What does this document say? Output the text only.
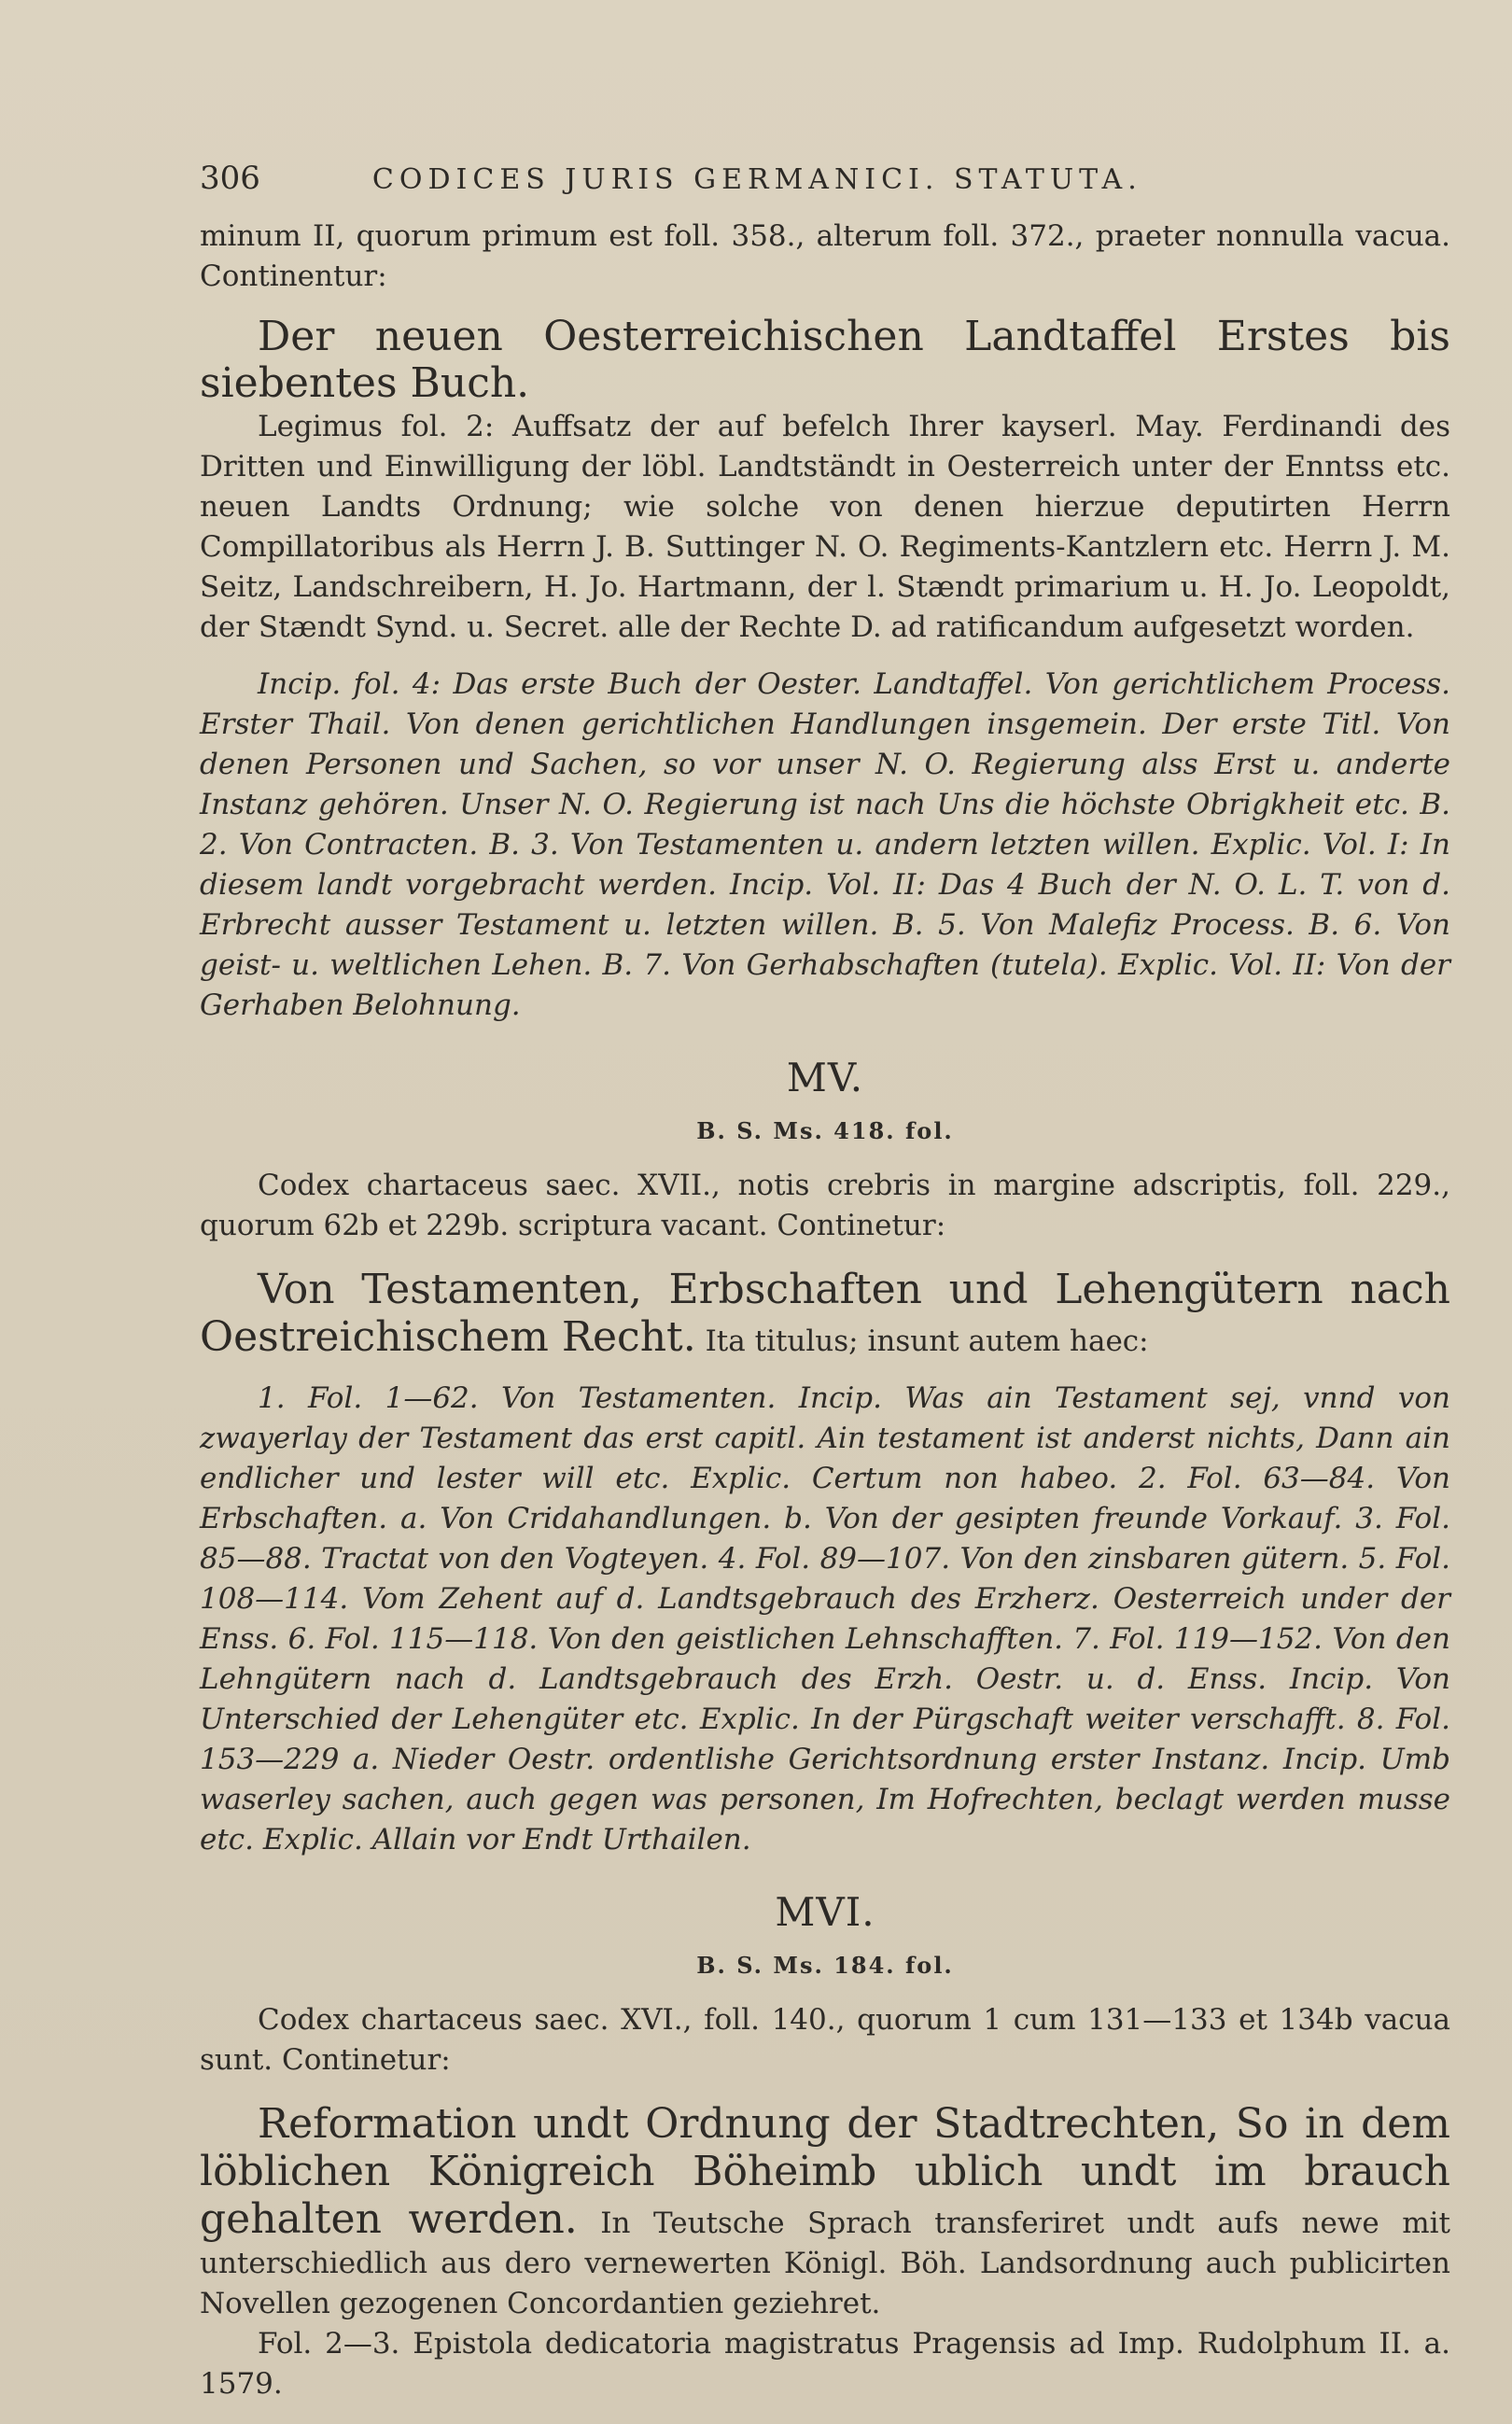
306	CODICES JURIS GERMANICI. STATUTA.

minum II, quorum primum est foll. 358., alterum foll. 372., praeter nonnulla vacua. Continentur:

Der neuen Oesterreichischen Landtaffel Erstes bis siebentes Buch.

Legimus fol. 2: Auffsatz der auf befelch Ihrer kayserl. May. Ferdinandi des Dritten und Einwilligung der löbl. Landtständt in Oesterreich unter der Enntss etc. neuen Landts Ordnung; wie solche von denen hierzue deputirten Herrn Compillatoribus als Herrn J. B. Suttinger N. O. Regiments-Kantzlern etc. Herrn J. M. Seitz, Landschreibern, H. Jo. Hartmann, der l. Stændt primarium u. H. Jo. Leopoldt, der Stændt Synd. u. Secret. alle der Rechte D. ad ratificandum aufgesetzt worden.

Incip. fol. 4: Das erste Buch der Oester. Landtaffel. Von gerichtlichem Process. Erster Thail. Von denen gerichtlichen Handlungen insgemein. Der erste Titl. Von denen Personen und Sachen, so vor unser N. O. Regierung alss Erst u. anderte Instanz gehören. Unser N. O. Regierung ist nach Uns die höchste Obrigkheit etc. B. 2. Von Contracten. B. 3. Von Testamenten u. andern letzten willen. Explic. Vol. I: In diesem landt vorgebracht werden. Incip. Vol. II: Das 4 Buch der N. O. L. T. von d. Erbrecht ausser Testament u. letzten willen. B. 5. Von Malefiz Process. B. 6. Von geist- u. weltlichen Lehen. B. 7. Von Gerhabschaften (tutela). Explic. Vol. II: Von der Gerhaben Belohnung.

MV.
B. S. Ms. 418. fol.

Codex chartaceus saec. XVII., notis crebris in margine adscriptis, foll. 229., quorum 62b et 229b. scriptura vacant. Continetur:

Von Testamenten, Erbschaften und Lehengütern nach Oestreichischem Recht. Ita titulus; insunt autem haec:

1. Fol. 1—62. Von Testamenten. Incip. Was ain Testament sej, vnnd von zwayerlay der Testament das erst capitl. Ain testament ist anderst nichts, Dann ain endlicher und lester will etc. Explic. Certum non habeo. 2. Fol. 63—84. Von Erbschaften. a. Von Cridahandlungen. b. Von der gesipten freunde Vorkauf. 3. Fol. 85—88. Tractat von den Vogteyen. 4. Fol. 89—107. Von den zinsbaren gütern. 5. Fol. 108—114. Vom Zehent auf d. Landtsgebrauch des Erzherz. Oesterreich under der Enss. 6. Fol. 115—118. Von den geistlichen Lehnschafften. 7. Fol. 119—152. Von den Lehngütern nach d. Landtsgebrauch des Erzh. Oestr. u. d. Enss. Incip. Von Unterschied der Lehengüter etc. Explic. In der Pürgschaft weiter verschafft. 8. Fol. 153—229 a. Nieder Oestr. ordentlishe Gerichtsordnung erster Instanz. Incip. Umb waserley sachen, auch gegen was personen, Im Hofrechten, beclagt werden musse etc. Explic. Allain vor Endt Urthailen.

MVI.
B. S. Ms. 184. fol.

Codex chartaceus saec. XVI., foll. 140., quorum 1 cum 131—133 et 134b vacua sunt. Continetur:

Reformation undt Ordnung der Stadtrechten, So in dem löblichen Königreich Böheimb ublich undt im brauch gehalten werden. In Teutsche Sprach transferiret undt aufs newe mit unterschiedlich aus dero vernewerten Königl. Böh. Landsordnung auch publicirten Novellen gezogenen Concordantien geziehret.

Fol. 2—3. Epistola dedicatoria magistratus Pragensis ad Imp. Rudolphum II. a. 1579.
